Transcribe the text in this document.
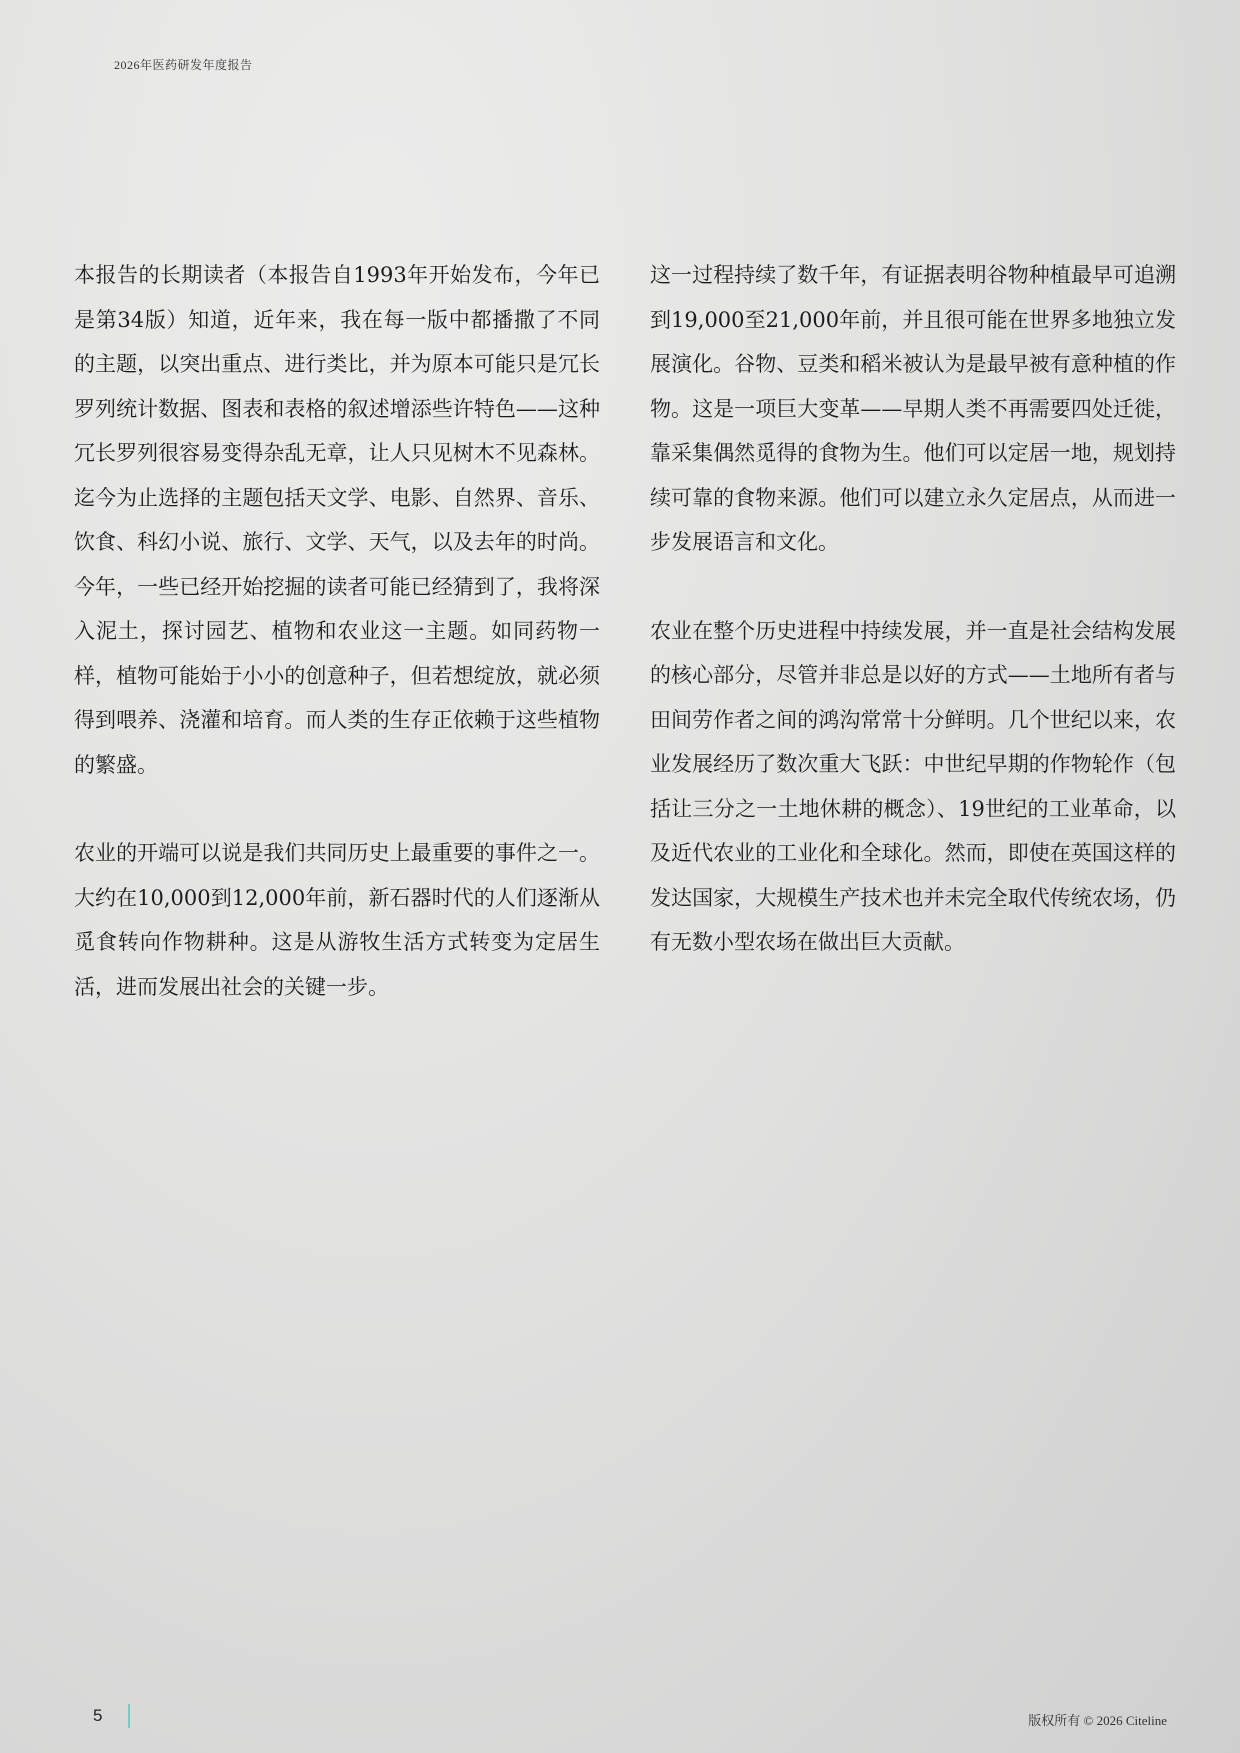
2026年医药研发年度报告

本报告的长期读者（本报告自1993年开始发布，今年已是第34版）知道，近年来，我在每一版中都播撒了不同的主题，以突出重点、进行类比，并为原本可能只是冗长罗列统计数据、图表和表格的叙述增添些许特色——这种冗长罗列很容易变得杂乱无章，让人只见树木不见森林。迄今为止选择的主题包括天文学、电影、自然界、音乐、饮食、科幻小说、旅行、文学、天气，以及去年的时尚。今年，一些已经开始挖掘的读者可能已经猜到了，我将深入泥土，探讨园艺、植物和农业这一主题。如同药物一样，植物可能始于小小的创意种子，但若想绽放，就必须得到喂养、浇灌和培育。而人类的生存正依赖于这些植物的繁盛。

农业的开端可以说是我们共同历史上最重要的事件之一。大约在10,000到12,000年前，新石器时代的人们逐渐从觅食转向作物耕种。这是从游牧生活方式转变为定居生活，进而发展出社会的关键一步。

这一过程持续了数千年，有证据表明谷物种植最早可追溯到19,000至21,000年前，并且很可能在世界多地独立发展演化。谷物、豆类和稻米被认为是最早被有意种植的作物。这是一项巨大变革——早期人类不再需要四处迁徙，靠采集偶然觅得的食物为生。他们可以定居一地，规划持续可靠的食物来源。他们可以建立永久定居点，从而进一步发展语言和文化。

农业在整个历史进程中持续发展，并一直是社会结构发展的核心部分，尽管并非总是以好的方式——土地所有者与田间劳作者之间的鸿沟常常十分鲜明。几个世纪以来，农业发展经历了数次重大飞跃：中世纪早期的作物轮作（包括让三分之一土地休耕的概念）、19世纪的工业革命，以及近代农业的工业化和全球化。然而，即使在英国这样的发达国家，大规模生产技术也并未完全取代传统农场，仍有无数小型农场在做出巨大贡献。

5	版权所有 © 2026 Citeline
